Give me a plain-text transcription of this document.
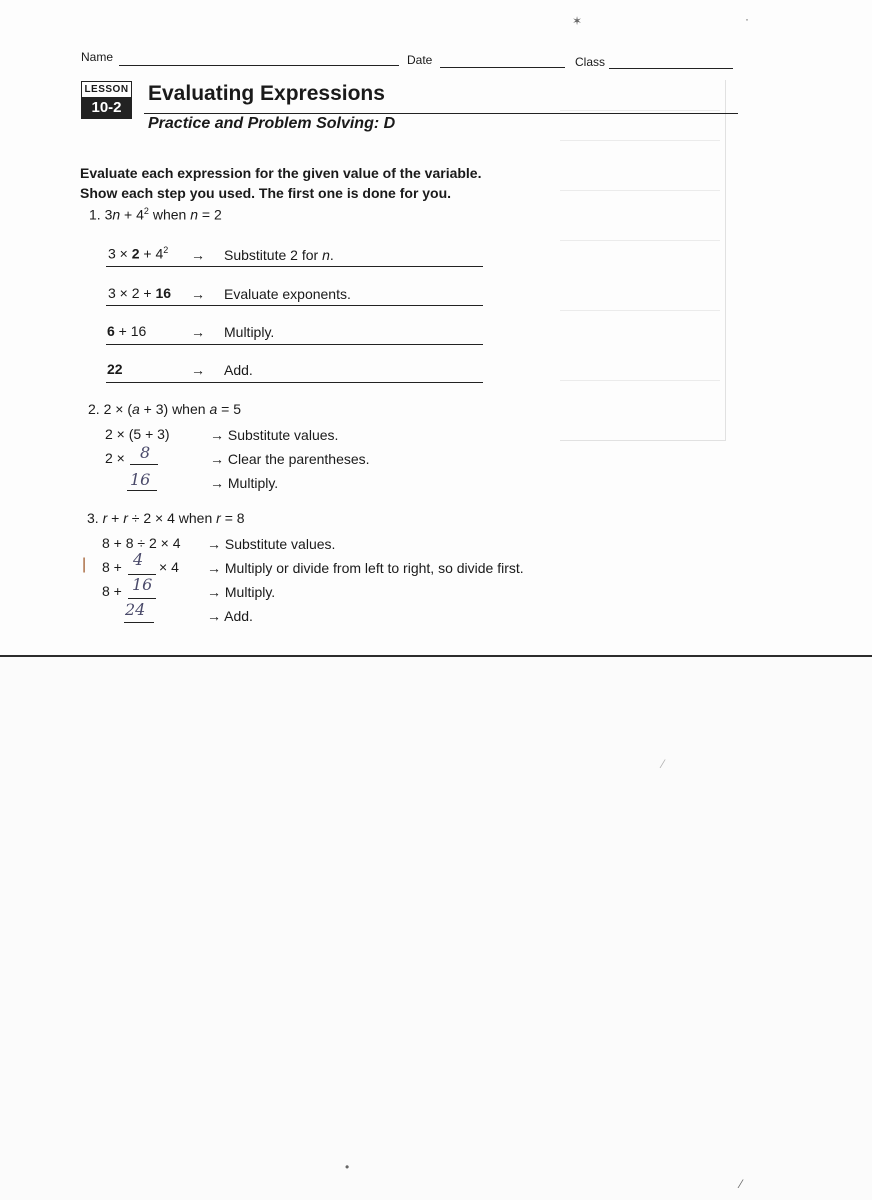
Name	Date	Class
LESSON
10-2
Evaluating Expressions
Practice and Problem Solving: D
Evaluate each expression for the given value of the variable.
Show each step you used. The first one is done for you.
1. $3n + 4^2$ when n = 2
$3 \times 2 + 4^2$ → Substitute 2 for n.
3 × 2 + 16 → Evaluate exponents.
6 + 16	→ Multiply.
22	→ Add.
2. 2 × (a + 3) when a = 5
2 × (5 + 3)	→ Substitute values.
2 × 8	→ Clear the parentheses.
16	→ Multiply.
3. r + r ÷ 2 × 4 when r = 8
8 + 8 ÷ 2 × 4 → Substitute values.
8 + 4 × 4 → Multiply or divide from left to right, so divide first.
8 + 16	→ Multiply.
24	→ Add.
|
✶	·
⁄
•
⁄
